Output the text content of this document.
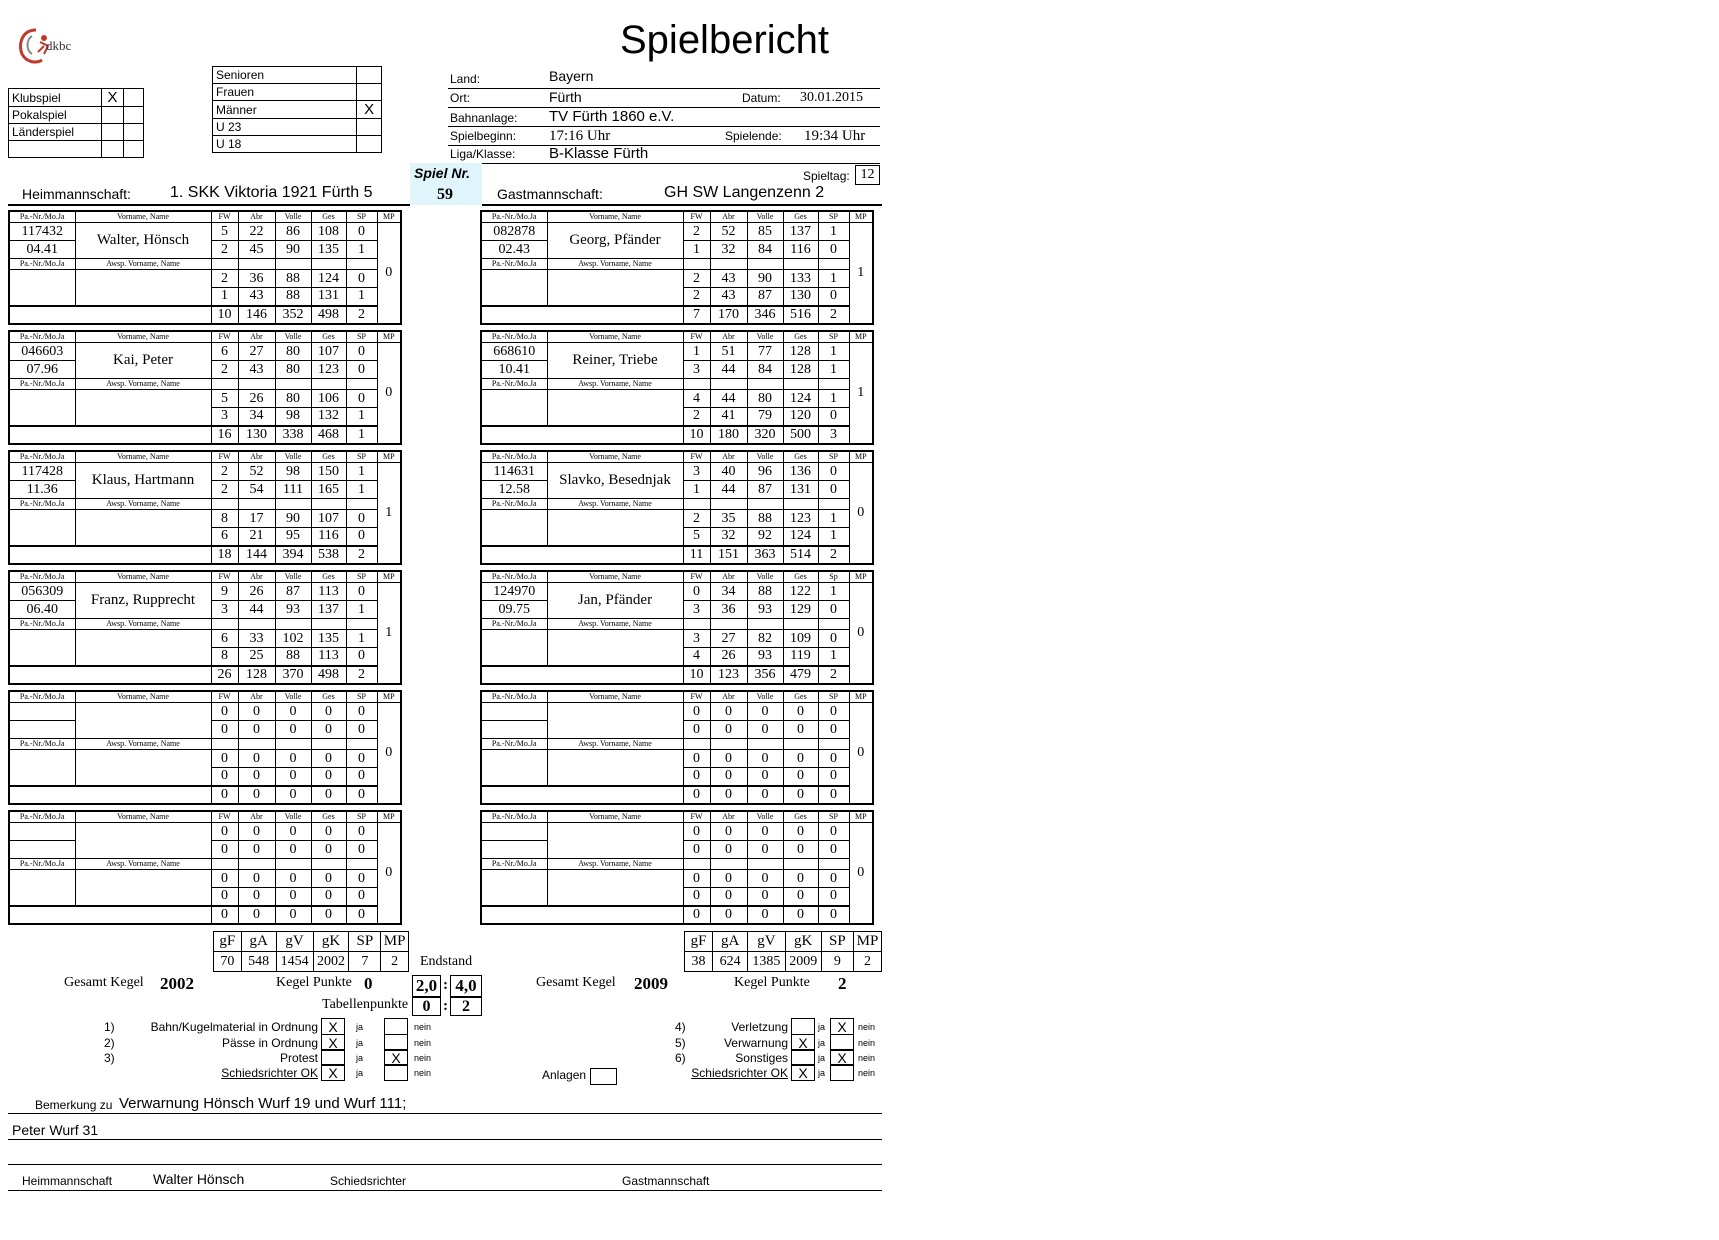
dkbc	Spielbericht
Klubspiel	X	
Pokalspiel		
Länderspiel		

Senioren	
Frauen	
Männer	X
U 23	
U 18	
Land:	Bayern
Ort:	Fürth	Datum: 30.01.2015
Bahnanlage: TV Fürth 1860 e.V.
Spielbeginn: 17:16 Uhr	Spielende: 19:34 Uhr
Liga/Klasse: B-Klasse Fürth
Spieltag: 12
Heimmannschaft: 1. SKK Viktoria 1921 Fürth 5
Spiel Nr.
59	Gastmannschaft:	GH SW Langenzenn 2
Pa.-Nr./Mo.Ja	Vorname, Name	FW	Abr	Volle	Ges	SP	MP
117432	Walter, Hönsch	5	22	86	108	0	0
04.41		2	45	90	135	1	
Pa.-Nr./Mo.Ja	Awsp. Vorname, Name						
		2	36	88	124	0	
		1	43	88	131	1	
		10	146	352	498	2	
Pa.-Nr./Mo.Ja	Vorname, Name	FW	Abr	Volle	Ges	SP	MP
046603	Kai, Peter	6	27	80	107	0	0
07.96		2	43	80	123	0	
Pa.-Nr./Mo.Ja	Awsp. Vorname, Name						
		5	26	80	106	0	
		3	34	98	132	1	
		16	130	338	468	1	
Pa.-Nr./Mo.Ja	Vorname, Name	FW	Abr	Volle	Ges	SP	MP
117428	Klaus, Hartmann	2	52	98	150	1	1
11.36		2	54	111	165	1	
Pa.-Nr./Mo.Ja	Awsp. Vorname, Name						
		8	17	90	107	0	
		6	21	95	116	0	
		18	144	394	538	2	
Pa.-Nr./Mo.Ja	Vorname, Name	FW	Abr	Volle	Ges	SP	MP
056309	Franz, Rupprecht	9	26	87	113	0	1
06.40		3	44	93	137	1	
Pa.-Nr./Mo.Ja	Awsp. Vorname, Name						
		6	33	102	135	1	
		8	25	88	113	0	
		26	128	370	498	2	
Pa.-Nr./Mo.Ja	Vorname, Name	FW	Abr	Volle	Ges	SP	MP
		0	0	0	0	0	0
		0	0	0	0	0	
Pa.-Nr./Mo.Ja	Awsp. Vorname, Name						
		0	0	0	0	0	
		0	0	0	0	0	
		0	0	0	0	0	
Pa.-Nr./Mo.Ja	Vorname, Name	FW	Abr	Volle	Ges	SP	MP
		0	0	0	0	0	0
		0	0	0	0	0	
Pa.-Nr./Mo.Ja	Awsp. Vorname, Name						
		0	0	0	0	0	
		0	0	0	0	0	
		0	0	0	0	0	
Pa.-Nr./Mo.Ja	Vorname, Name	FW	Abr	Volle	Ges	SP	MP
082878	Georg, Pfänder	2	52	85	137	1	1
02.43		1	32	84	116	0	
Pa.-Nr./Mo.Ja	Awsp. Vorname, Name						
		2	43	90	133	1	
		2	43	87	130	0	
		7	170	346	516	2	
Pa.-Nr./Mo.Ja	Vorname, Name	FW	Abr	Volle	Ges	SP	MP
668610	Reiner, Triebe	1	51	77	128	1	1
10.41		3	44	84	128	1	
Pa.-Nr./Mo.Ja	Awsp. Vorname, Name						
		4	44	80	124	1	
		2	41	79	120	0	
		10	180	320	500	3	
Pa.-Nr./Mo.Ja	Vorname, Name	FW	Abr	Volle	Ges	SP	MP
114631	Slavko, Besednjak	3	40	96	136	0	0
12.58		1	44	87	131	0	
Pa.-Nr./Mo.Ja	Awsp. Vorname, Name						
		2	35	88	123	1	
		5	32	92	124	1	
		11	151	363	514	2	
Pa.-Nr./Mo.Ja	Vorname, Name	FW	Abr	Volle	Ges	Sp	MP
124970	Jan, Pfänder	0	34	88	122	1	0
09.75		3	36	93	129	0	
Pa.-Nr./Mo.Ja	Awsp. Vorname, Name						
		3	27	82	109	0	
		4	26	93	119	1	
		10	123	356	479	2	
Pa.-Nr./Mo.Ja	Vorname, Name	FW	Abr	Volle	Ges	SP	MP
		0	0	0	0	0	0
		0	0	0	0	0	
Pa.-Nr./Mo.Ja	Awsp. Vorname, Name						
		0	0	0	0	0	
		0	0	0	0	0	
		0	0	0	0	0	
Pa.-Nr./Mo.Ja	Vorname, Name	FW	Abr	Volle	Ges	SP	MP
		0	0	0	0	0	0
		0	0	0	0	0	
Pa.-Nr./Mo.Ja	Awsp. Vorname, Name						
		0	0	0	0	0	
		0	0	0	0	0	
		0	0	0	0	0	
gF	gA	gV	gK	SP	MP
70	548	1454	2002	7	2
gF	gA	gV	gK	SP	MP
38	624	1385	2009	9	2
Endstand
Gesamt Kegel 2002	Kegel Punkte 0	2,0 : 4,0	Gesamt Kegel 2009	Kegel Punkte 2
Tabellenpunkte 0 : 2
1)	Bahn/Kugelmaterial in Ordnung X	ja	nein
2)	Pässe in Ordnung X	ja	nein
3)	Protest	ja	X	nein
Schiedsrichter OK X	ja	nein
4)	Verletzung	ja X	nein
5)	Verwarnung X	ja	nein
6)	Sonstiges	ja X	nein
Schiedsrichter OK X	ja	nein
Anlagen
Bemerkung zu Verwarnung Hönsch Wurf 19 und Wurf 111;
Peter Wurf 31
Heimmannschaft	Walter Hönsch	Schiedsrichter	Gastmannschaft
